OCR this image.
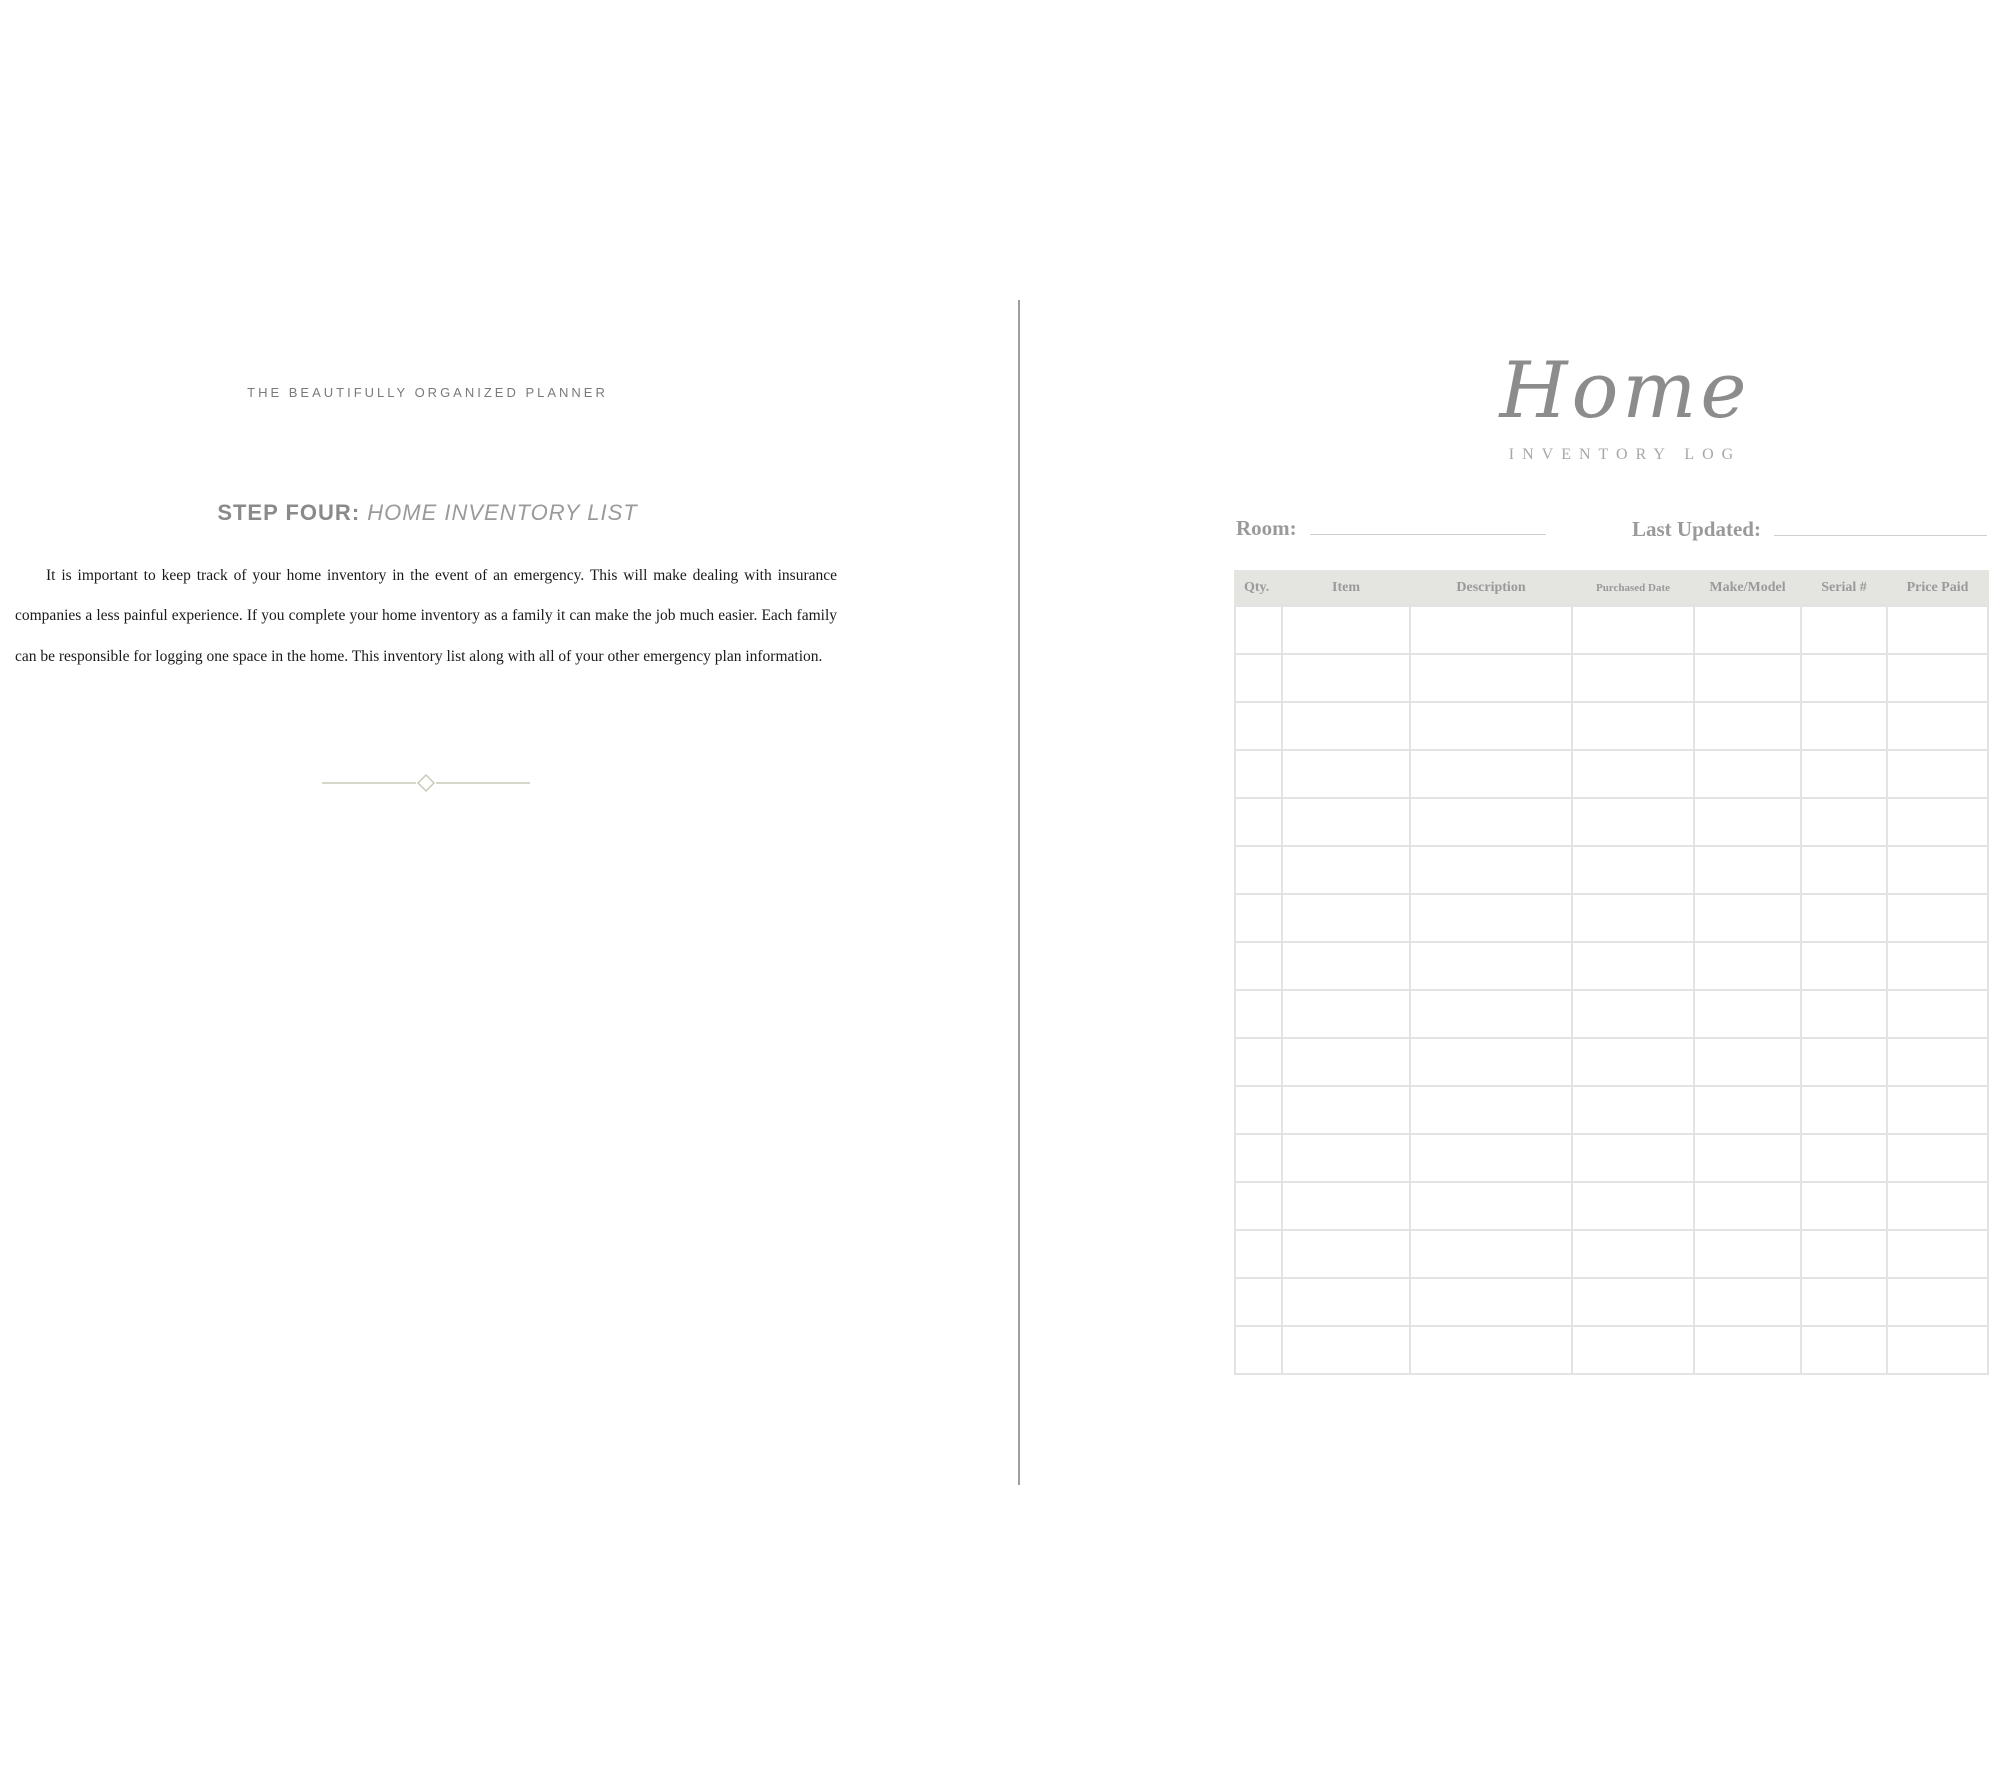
THE BEAUTIFULLY ORGANIZED PLANNER
STEP FOUR: HOME INVENTORY LIST

It is important to keep track of your home inventory in the event of an emergency. This will make dealing with insurance companies a less painful experience. If you complete your home inventory as a family it can make the job much easier. Each family can be responsible for logging one space in the home. This inventory list along with all of your other emergency plan information.

Home
INVENTORY LOG
Room:	Last Updated:
Qty.	Item	Description	Purchased Date	Make/Model	Serial #	Price Paid
